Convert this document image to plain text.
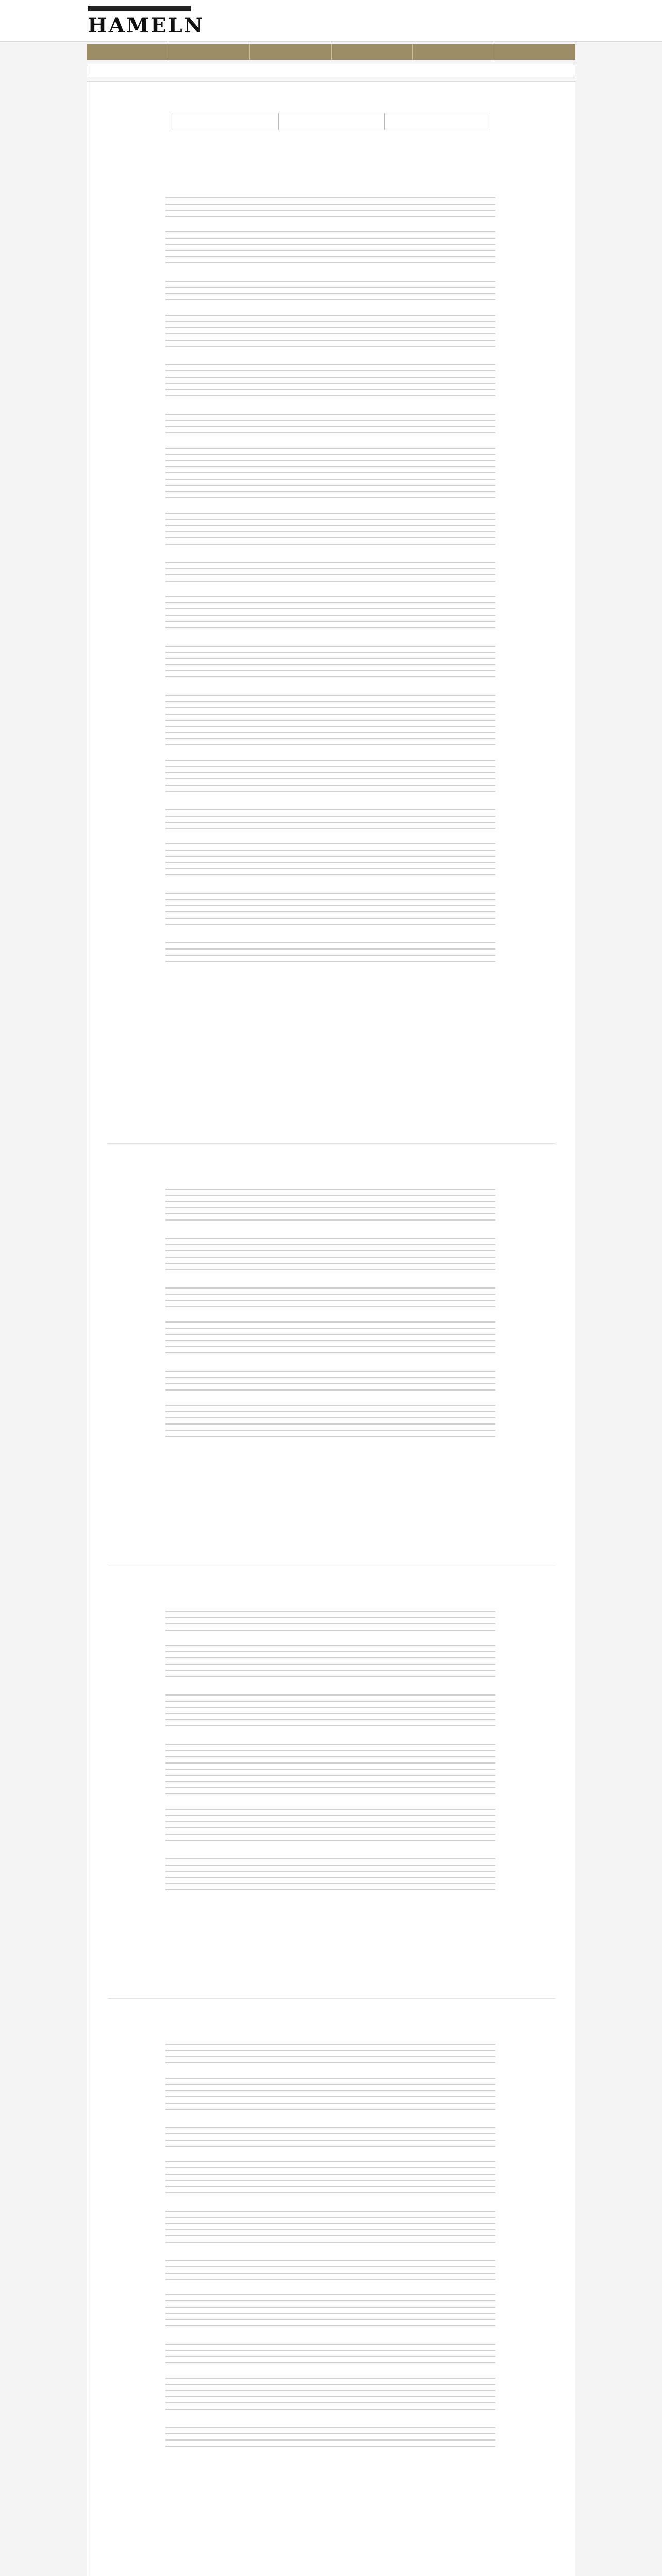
HAMELN
